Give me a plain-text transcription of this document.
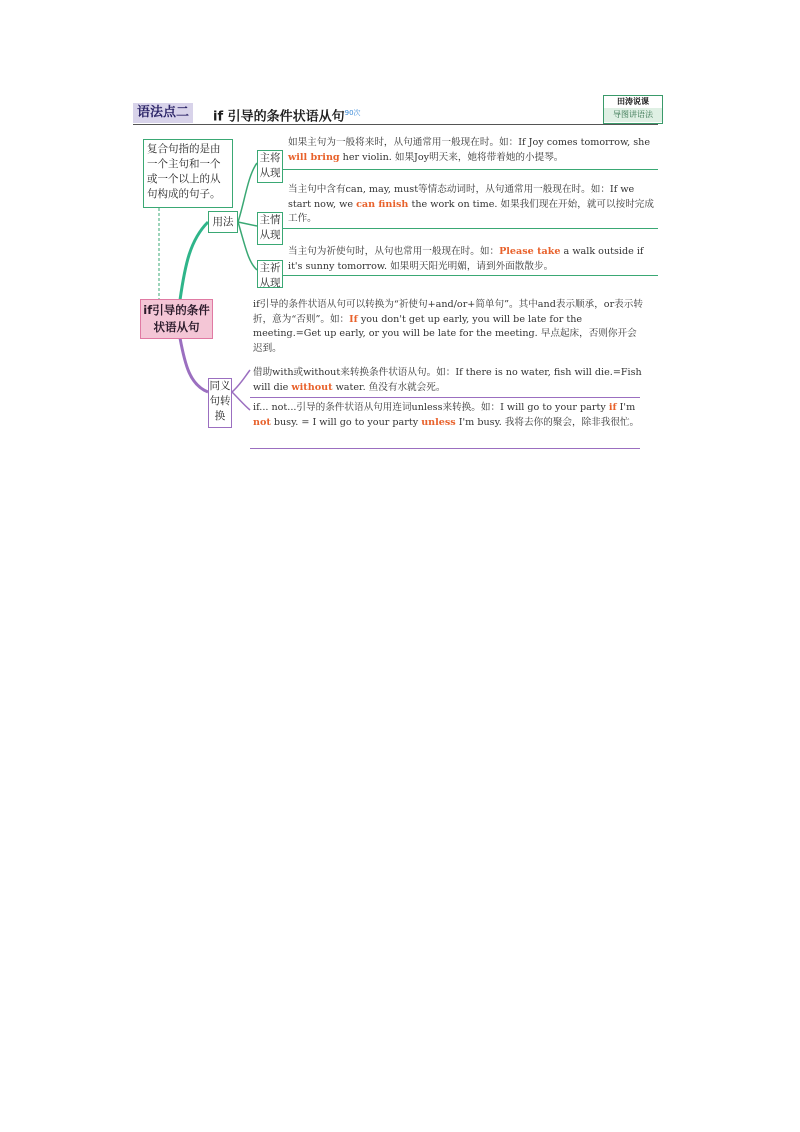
语法点二	if 引导的条件状语从句$^{90次}$
田涛说课
导图讲语法
复合句指的是由一个主句和一个或一个以上的从句构成的句子。
if引导的条件状语从句
用法
主将从现
如果主句为一般将来时，从句通常用一般现在时。如：If Joy comes tomorrow, she will bring her violin. 如果Joy明天来，她将带着她的小提琴。
主情从现
当主句中含有can, may, must等情态动词时，从句通常用一般现在时。如：If we start now, we can finish the work on time. 如果我们现在开始，就可以按时完成工作。
主祈从现
当主句为祈使句时，从句也常用一般现在时。如：Please take a walk outside if it's sunny tomorrow. 如果明天阳光明媚，请到外面散散步。
if引导的条件状语从句可以转换为“祈使句+and/or+简单句”。其中and表示顺承，or表示转折，意为“否则”。如：If you don't get up early, you will be late for the meeting.=Get up early, or you will be late for the meeting. 早点起床，否则你开会迟到。
同义句转换
借助with或without来转换条件状语从句。如：If there is no water, fish will die.=Fish will die without water. 鱼没有水就会死。
if... not...引导的条件状语从句用连词unless来转换。如：I will go to your party if I'm not busy. = I will go to your party unless I'm busy. 我将去你的聚会，除非我很忙。
